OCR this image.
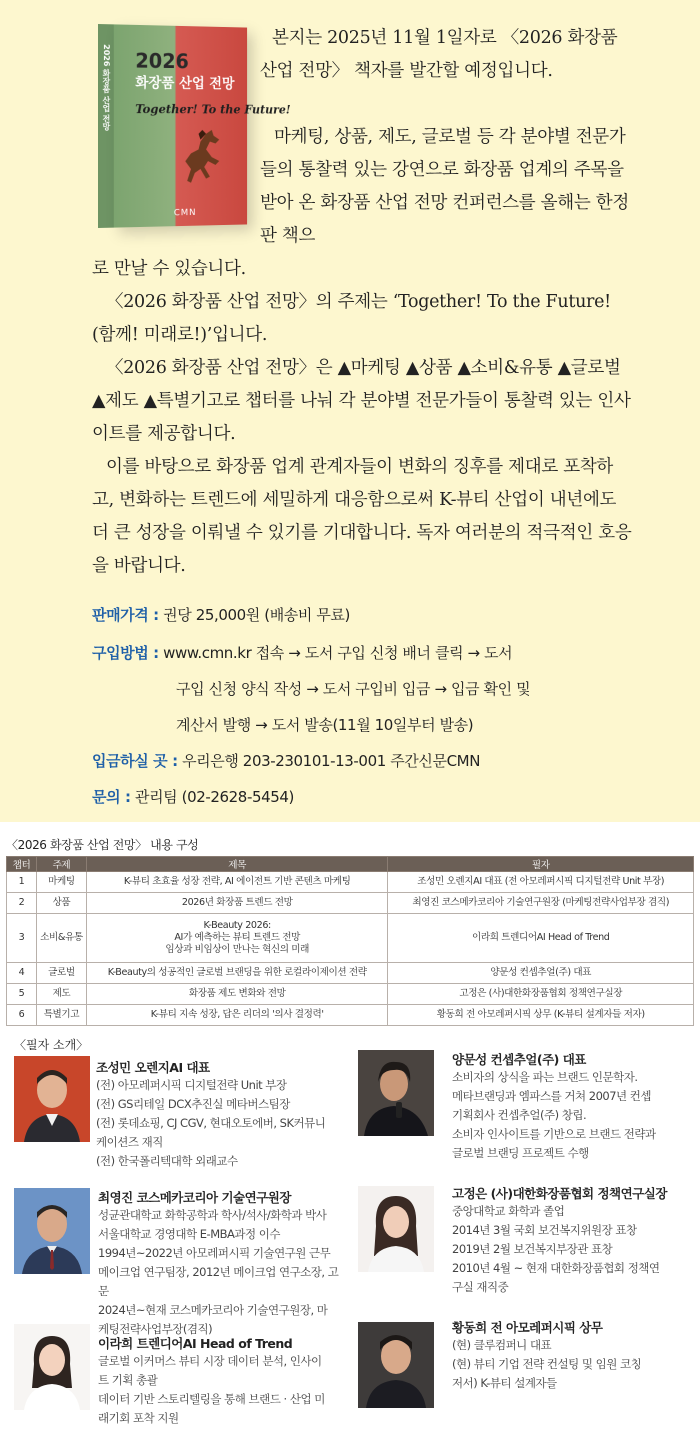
2026 화장품 산업 전망 2026
화장품 산업 전망
Together! To the Future!
CMN
본지는 2025년 11월 1일자로 〈2026 화장품 산업 전망〉 책자를 발간할 예정입니다.
마케팅, 상품, 제도, 글로벌 등 각 분야별 전문가들의 통찰력 있는 강연으로 화장품 업계의 주목을 받아 온 화장품 산업 전망 컨퍼런스를 올해는 한정판 책으
로 만날 수 있습니다.
〈2026 화장품 산업 전망〉의 주제는 ‘Together! To the Future!(함께! 미래로!)’입니다.
〈2026 화장품 산업 전망〉은 ▲마케팅 ▲상품 ▲소비&유통 ▲글로벌 ▲제도 ▲특별기고로 챕터를 나눠 각 분야별 전문가들이 통찰력 있는 인사이트를 제공합니다.
이를 바탕으로 화장품 업계 관계자들이 변화의 징후를 제대로 포착하고, 변화하는 트렌드에 세밀하게 대응함으로써 K-뷰티 산업이 내년에도 더 큰 성장을 이뤄낼 수 있기를 기대합니다. 독자 여러분의 적극적인 호응을 바랍니다.
판매가격 : 권당 25,000원 (배송비 무료)
구입방법 : www.cmn.kr 접속 → 도서 구입 신청 배너 클릭 → 도서
구입 신청 양식 작성 → 도서 구입비 입금 → 입금 확인 및
계산서 발행 → 도서 발송(11월 10일부터 발송)
입금하실 곳 : 우리은행 203-230101-13-001 주간신문CMN
문의 : 관리팀 (02-2628-5454)
〈2026 화장품 산업 전망〉 내용 구성
챕터	주제	제목	필자
1	마케팅	K-뷰티 초효율 성장 전략, AI 에이전트 기반 콘텐츠 마케팅	조성민 오렌지AI 대표 (전 아모레퍼시픽 디지털전략 Unit 부장)
2	상품	2026년 화장품 트렌드 전망	최영진 코스메카코리아 기술연구원장 (마케팅전략사업부장 겸직)
3	소비&유통	K-Beauty 2026:
AI가 예측하는 뷰티 트렌드 전망
임상과 비임상이 만나는 혁신의 미래	이라희 트렌디어AI Head of Trend
4	글로벌	K-Beauty의 성공적인 글로벌 브랜딩을 위한 로컬라이제이션 전략	양문성 컨셉추얼(주) 대표
5	제도	화장품 제도 변화와 전망	고정은 (사)대한화장품협회 정책연구실장
6	특별기고	K-뷰티 지속 성장, 답은 리더의 '의사 결정력'	황동희 전 아모레퍼시픽 상무 (K-뷰티 설계자들 저자)
〈필자 소개〉
조성민 오렌지AI 대표
(전) 아모레퍼시픽 디지털전략 Unit 부장
(전) GS리테일 DCX추진실 메타버스팀장
(전) 롯데쇼핑, CJ CGV, 현대오토에버, SK커뮤니
케이션즈 재직
(전) 한국폴리텍대학 외래교수
양문성 컨셉추얼(주) 대표
소비자의 상식을 파는 브랜드 인문학자.
메타브랜딩과 엠파스를 거쳐 2007년 컨셉
기획회사 컨셉추얼(주) 창립.
소비자 인사이트를 기반으로 브랜드 전략과
글로벌 브랜딩 프로젝트 수행
최영진 코스메카코리아 기술연구원장
성균관대학교 화학공학과 학사/석사/화학과 박사
서울대학교 경영대학 E-MBA과정 이수
1994년~2022년 아모레퍼시픽 기술연구원 근무
메이크업 연구팀장, 2012년 메이크업 연구소장, 고문
2024년~현재 코스메카코리아 기술연구원장, 마
케팅전략사업부장(겸직)
고정은 (사)대한화장품협회 정책연구실장
중앙대학교 화학과 졸업
2014년 3월 국회 보건복지위원장 표창
2019년 2월 보건복지부장관 표창
2010년 4월 ~ 현재 대한화장품협회 정책연
구실 재직중
이라희 트렌디어AI Head of Trend
글로벌 이커머스 뷰티 시장 데이터 분석, 인사이
트 기획 총괄
데이터 기반 스토리텔링을 통해 브랜드 · 산업 미
래기회 포착 지원
황동희 전 아모레퍼시픽 상무
(현) 클루컴퍼니 대표
(현) 뷰티 기업 전략 컨설팅 및 임원 코칭
저서) K-뷰티 설계자들
